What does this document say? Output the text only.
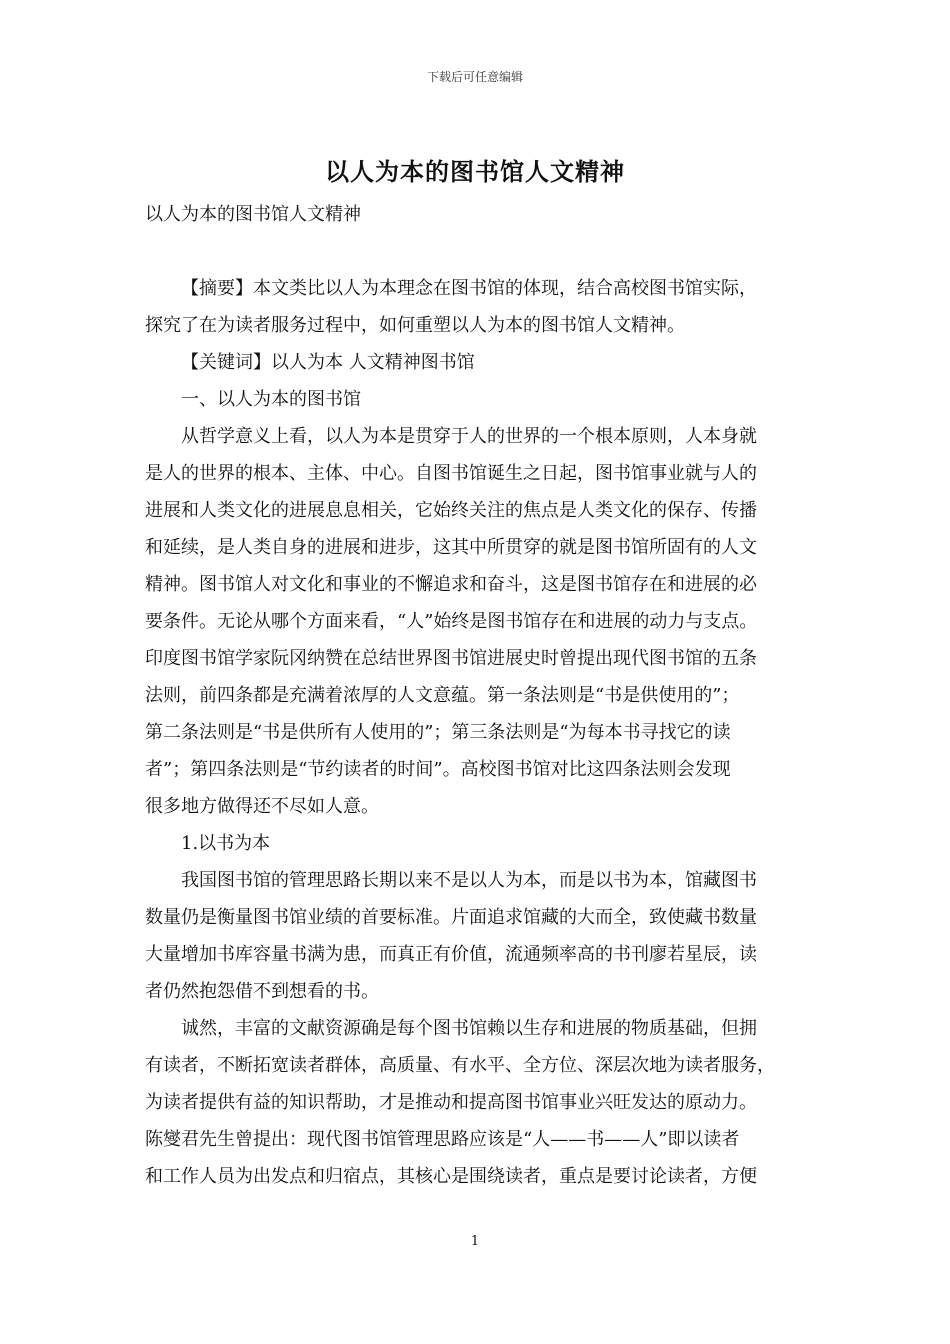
下载后可任意编辑
以人为本的图书馆人文精神
以人为本的图书馆人文精神

【摘要】本文类比以人为本理念在图书馆的体现，结合高校图书馆实际，
探究了在为读者服务过程中，如何重塑以人为本的图书馆人文精神。

【关键词】以人为本 人文精神图书馆

一、以人为本的图书馆

从哲学意义上看，以人为本是贯穿于人的世界的一个根本原则，人本身就
是人的世界的根本、主体、中心。自图书馆诞生之日起，图书馆事业就与人的
进展和人类文化的进展息息相关，它始终关注的焦点是人类文化的保存、传播
和延续，是人类自身的进展和进步，这其中所贯穿的就是图书馆所固有的人文
精神。图书馆人对文化和事业的不懈追求和奋斗，这是图书馆存在和进展的必
要条件。无论从哪个方面来看，“人”始终是图书馆存在和进展的动力与支点。
印度图书馆学家阮冈纳赞在总结世界图书馆进展史时曾提出现代图书馆的五条
法则，前四条都是充满着浓厚的人文意蕴。第一条法则是“书是供使用的”；
第二条法则是“书是供所有人使用的”；第三条法则是“为每本书寻找它的读
者”；第四条法则是“节约读者的时间”。高校图书馆对比这四条法则会发现
很多地方做得还不尽如人意。

1.以书为本

我国图书馆的管理思路长期以来不是以人为本，而是以书为本，馆藏图书
数量仍是衡量图书馆业绩的首要标准。片面追求馆藏的大而全，致使藏书数量
大量增加书库容量书满为患，而真正有价值，流通频率高的书刊廖若星辰，读
者仍然抱怨借不到想看的书。

诚然，丰富的文献资源确是每个图书馆赖以生存和进展的物质基础，但拥
有读者，不断拓宽读者群体，高质量、有水平、全方位、深层次地为读者服务，
为读者提供有益的知识帮助，才是推动和提高图书馆事业兴旺发达的原动力。
陈燮君先生曾提出：现代图书馆管理思路应该是“人——书——人”即以读者
和工作人员为出发点和归宿点，其核心是围绕读者，重点是要讨论读者，方便

1
